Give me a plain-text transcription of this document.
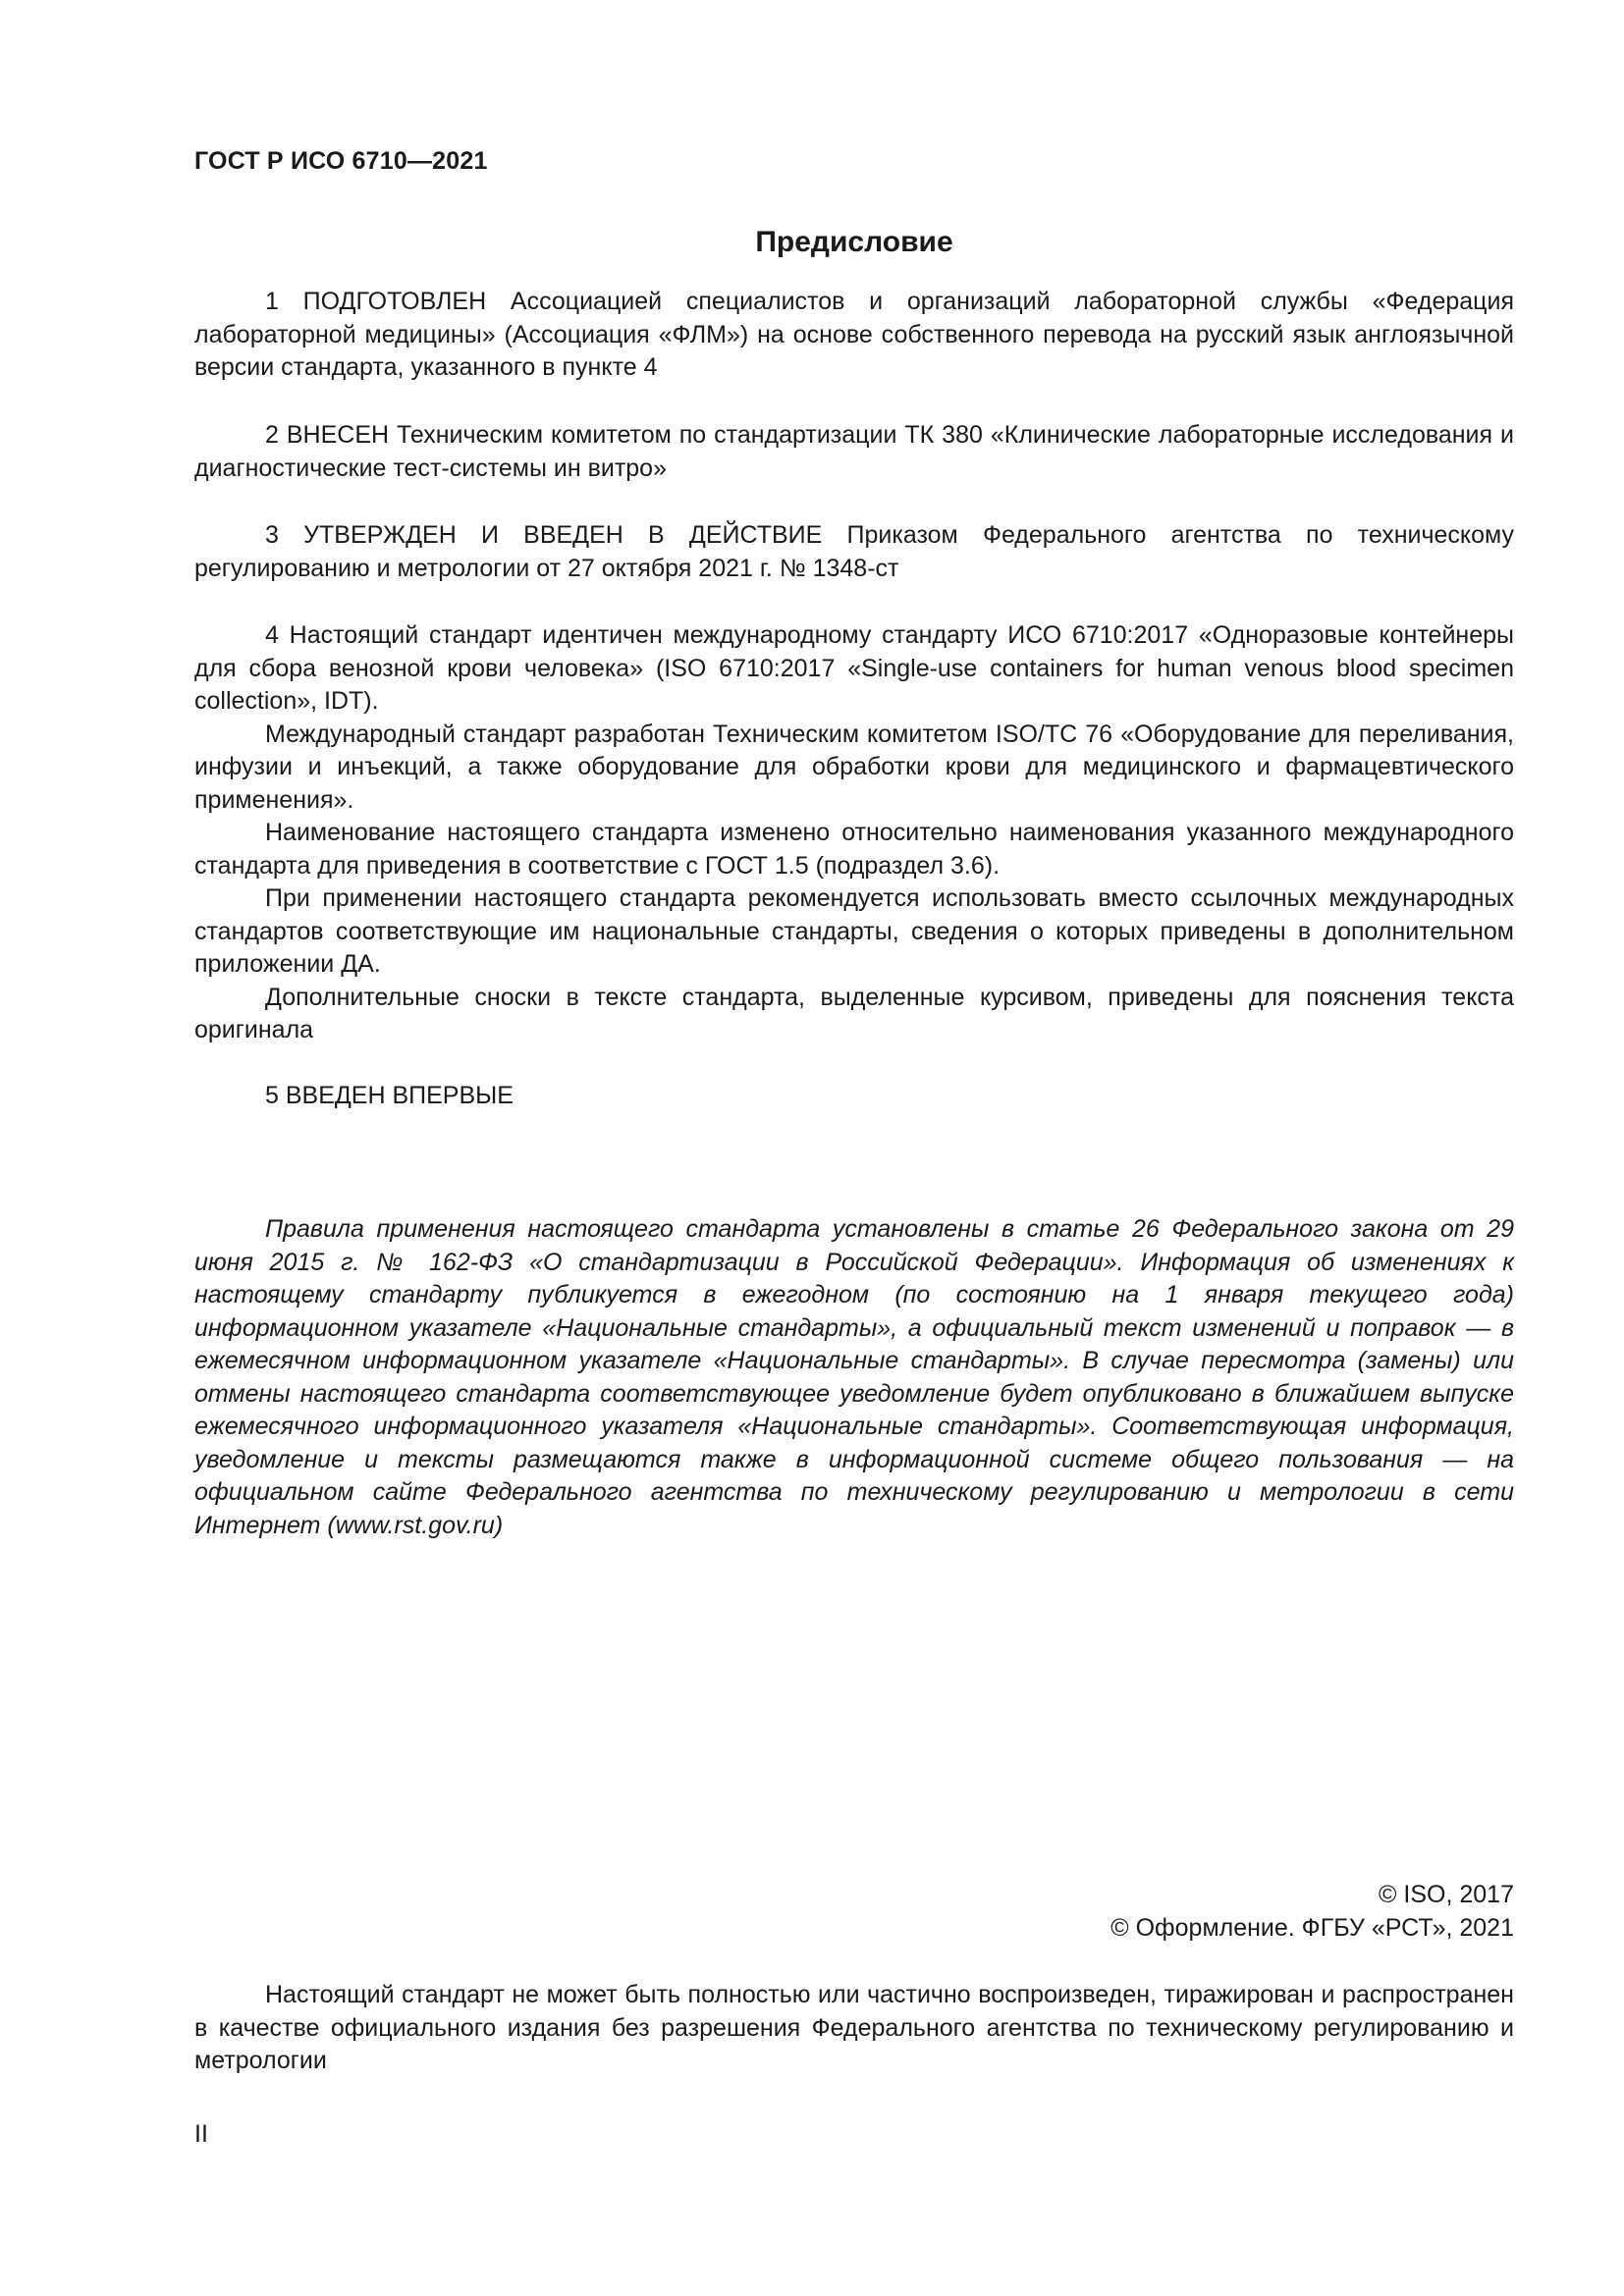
ГОСТ Р ИСО 6710—2021
Предисловие

1 ПОДГОТОВЛЕН Ассоциацией специалистов и организаций лабораторной службы «Федерация лабораторной медицины» (Ассоциация «ФЛМ») на основе собственного перевода на русский язык англоязычной версии стандарта, указанного в пункте 4

2 ВНЕСЕН Техническим комитетом по стандартизации ТК 380 «Клинические лабораторные исследования и диагностические тест-системы ин витро»

3 УТВЕРЖДЕН И ВВЕДЕН В ДЕЙСТВИЕ Приказом Федерального агентства по техническому регулированию и метрологии от 27 октября 2021 г. № 1348-ст

4 Настоящий стандарт идентичен международному стандарту ИСО 6710:2017 «Одноразовые контейнеры для сбора венозной крови человека» (ISO 6710:2017 «Single-use containers for human venous blood specimen collection», IDT).

Международный стандарт разработан Техническим комитетом ISO/TC 76 «Оборудование для переливания, инфузии и инъекций, а также оборудование для обработки крови для медицинского и фармацевтического применения».

Наименование настоящего стандарта изменено относительно наименования указанного международного стандарта для приведения в соответствие с ГОСТ 1.5 (подраздел 3.6).

При применении настоящего стандарта рекомендуется использовать вместо ссылочных международных стандартов соответствующие им национальные стандарты, сведения о которых приведены в дополнительном приложении ДА.

Дополнительные сноски в тексте стандарта, выделенные курсивом, приведены для пояснения текста оригинала

5 ВВЕДЕН ВПЕРВЫЕ

Правила применения настоящего стандарта установлены в статье 26 Федерального закона от 29 июня 2015 г. № 162-ФЗ «О стандартизации в Российской Федерации». Информация об изменениях к настоящему стандарту публикуется в ежегодном (по состоянию на 1 января текущего года) информационном указателе «Национальные стандарты», а официальный текст изменений и поправок — в ежемесячном информационном указателе «Национальные стандарты». В случае пересмотра (замены) или отмены настоящего стандарта соответствующее уведомление будет опубликовано в ближайшем выпуске ежемесячного информационного указателя «Национальные стандарты». Соответствующая информация, уведомление и тексты размещаются также в информационной системе общего пользования — на официальном сайте Федерального агентства по техническому регулированию и метрологии в сети Интернет (www.rst.gov.ru)

© ISO, 2017
© Оформление. ФГБУ «РСТ», 2021

Настоящий стандарт не может быть полностью или частично воспроизведен, тиражирован и распространен в качестве официального издания без разрешения Федерального агентства по техническому регулированию и метрологии

II
